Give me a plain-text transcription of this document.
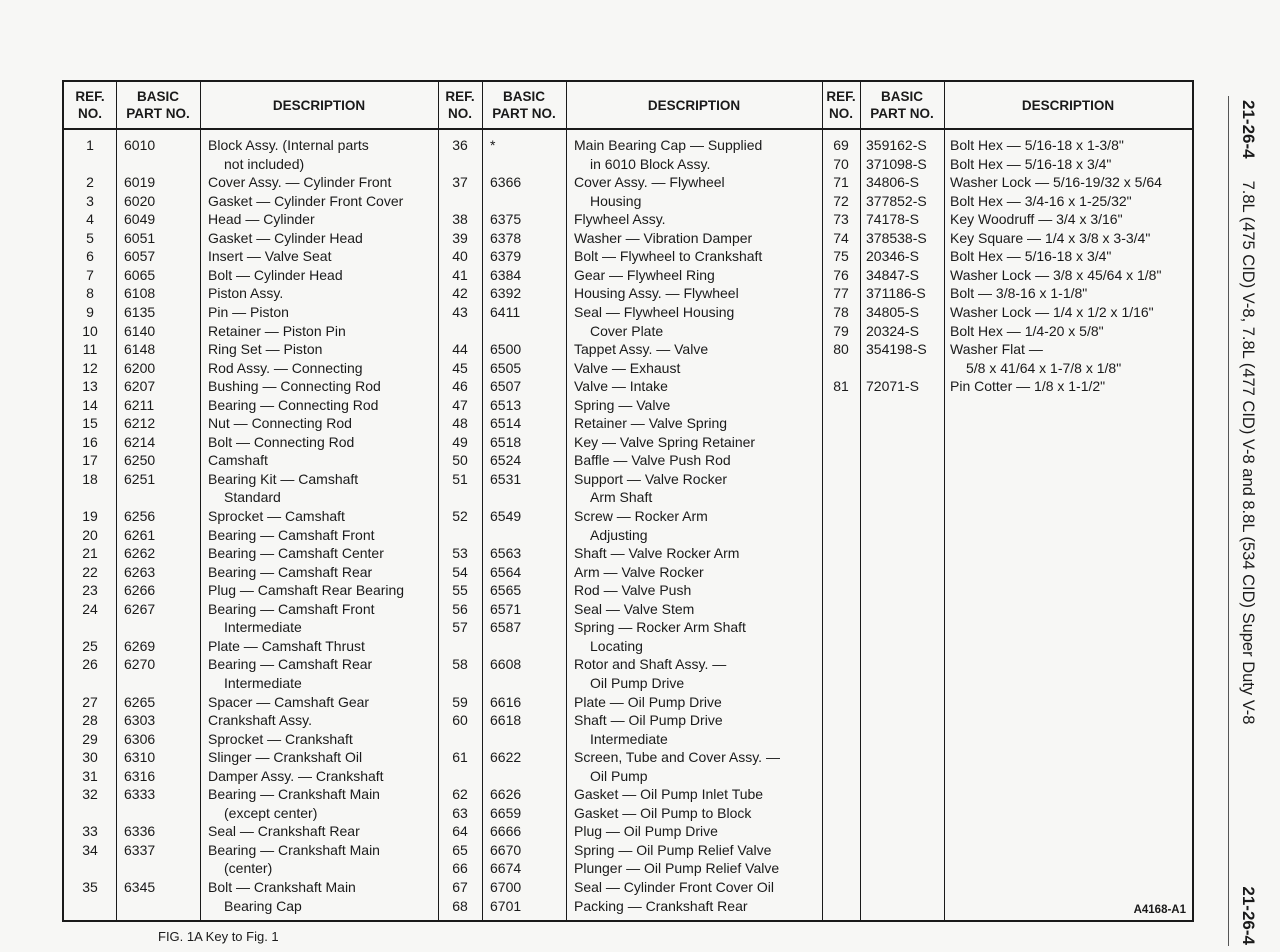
REF.
NO.
BASIC
PART NO.
DESCRIPTION
1	6010	Block Assy. (Internal parts
not included)
2	6019	Cover Assy. — Cylinder Front
3	6020	Gasket — Cylinder Front Cover
4	6049	Head — Cylinder
5	6051	Gasket — Cylinder Head
6	6057	Insert — Valve Seat
7	6065	Bolt — Cylinder Head
8	6108	Piston Assy.
9	6135	Pin — Piston
10	6140	Retainer — Piston Pin
11	6148	Ring Set — Piston
12	6200	Rod Assy. — Connecting
13	6207	Bushing — Connecting Rod
14	6211	Bearing — Connecting Rod
15	6212	Nut — Connecting Rod
16	6214	Bolt — Connecting Rod
17	6250	Camshaft
18	6251	Bearing Kit — Camshaft
Standard
19	6256	Sprocket — Camshaft
20	6261	Bearing — Camshaft Front
21	6262	Bearing — Camshaft Center
22	6263	Bearing — Camshaft Rear
23	6266	Plug — Camshaft Rear Bearing
24	6267	Bearing — Camshaft Front
Intermediate
25	6269	Plate — Camshaft Thrust
26	6270	Bearing — Camshaft Rear
Intermediate
27	6265	Spacer — Camshaft Gear
28	6303	Crankshaft Assy.
29	6306	Sprocket — Crankshaft
30	6310	Slinger — Crankshaft Oil
31	6316	Damper Assy. — Crankshaft
32	6333	Bearing — Crankshaft Main
(except center)
33	6336	Seal — Crankshaft Rear
34	6337	Bearing — Crankshaft Main
(center)
35	6345	Bolt — Crankshaft Main
Bearing Cap
REF.
NO.
BASIC
PART NO.
DESCRIPTION
36	*	Main Bearing Cap — Supplied
in 6010 Block Assy.
37	6366	Cover Assy. — Flywheel
Housing
38	6375	Flywheel Assy.
39	6378	Washer — Vibration Damper
40	6379	Bolt — Flywheel to Crankshaft
41	6384	Gear — Flywheel Ring
42	6392	Housing Assy. — Flywheel
43	6411	Seal — Flywheel Housing
Cover Plate
44	6500	Tappet Assy. — Valve
45	6505	Valve — Exhaust
46	6507	Valve — Intake
47	6513	Spring — Valve
48	6514	Retainer — Valve Spring
49	6518	Key — Valve Spring Retainer
50	6524	Baffle — Valve Push Rod
51	6531	Support — Valve Rocker
Arm Shaft
52	6549	Screw — Rocker Arm
Adjusting
53	6563	Shaft — Valve Rocker Arm
54	6564	Arm — Valve Rocker
55	6565	Rod — Valve Push
56	6571	Seal — Valve Stem
57	6587	Spring — Rocker Arm Shaft
Locating
58	6608	Rotor and Shaft Assy. —
Oil Pump Drive
59	6616	Plate — Oil Pump Drive
60	6618	Shaft — Oil Pump Drive
Intermediate
61	6622	Screen, Tube and Cover Assy. —
Oil Pump
62	6626	Gasket — Oil Pump Inlet Tube
63	6659	Gasket — Oil Pump to Block
64	6666	Plug — Oil Pump Drive
65	6670	Spring — Oil Pump Relief Valve
66	6674	Plunger — Oil Pump Relief Valve
67	6700	Seal — Cylinder Front Cover Oil
68	6701	Packing — Crankshaft Rear
REF.
NO.
BASIC
PART NO.
DESCRIPTION
69	359162-S Bolt Hex — 5/16-18 x 1-3/8"
70	371098-S Bolt Hex — 5/16-18 x 3/4"
71	34806-S Washer Lock — 5/16-19/32 x 5/64
72	377852-S Bolt Hex — 3/4-16 x 1-25/32"
73	74178-S Key Woodruff — 3/4 x 3/16"
74	378538-S Key Square — 1/4 x 3/8 x 3-3/4"
75	20346-S Bolt Hex — 5/16-18 x 3/4"
76	34847-S Washer Lock — 3/8 x 45/64 x 1/8"
77	371186-S Bolt — 3/8-16 x 1-1/8"
78	34805-S Washer Lock — 1/4 x 1/2 x 1/16"
79	20324-S Bolt Hex — 1/4-20 x 5/8"
80	354198-S Washer Flat —
5/8 x 41/64 x 1-7/8 x 1/8"
81	72071-S Pin Cotter — 1/8 x 1-1/2"
A4168-A1
FIG. 1A Key to Fig. 1
21-26-4
7.8L (475 CID) V-8, 7.8L (477 CID) V-8 and 8.8L (534 CID) Super Duty V-8
21-26-4
